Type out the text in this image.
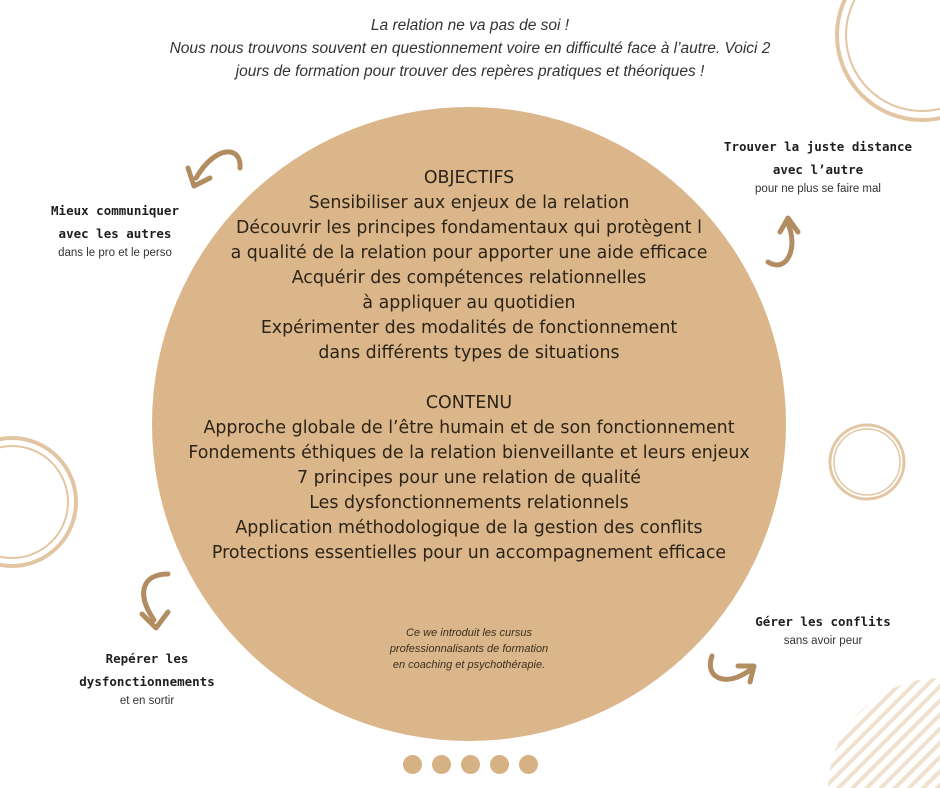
La relation ne va pas de soi !
Nous nous trouvons souvent en questionnement voire en difficulté face à l’autre. Voici 2
jours de formation pour trouver des repères pratiques et théoriques !
OBJECTIFS
Sensibiliser aux enjeux de la relation
Découvrir les principes fondamentaux qui protègent l
a qualité de la relation pour apporter une aide efficace
Acquérir des compétences relationnelles
à appliquer au quotidien
Expérimenter des modalités de fonctionnement
dans différents types de situations
CONTENU
Approche globale de l’être humain et de son fonctionnement
Fondements éthiques de la relation bienveillante et leurs enjeux
7 principes pour une relation de qualité
Les dysfonctionnements relationnels
Application méthodologique de la gestion des conflits
Protections essentielles pour un accompagnement efficace
Ce we introduit les cursus
professionnalisants de formation
en coaching et psychothérapie.
Mieux communiquer
avec les autres
dans le pro et le perso
Trouver la juste distance
avec l’autre
pour ne plus se faire mal
Repérer les
dysfonctionnements
et en sortir
Gérer les conflits
sans avoir peur
